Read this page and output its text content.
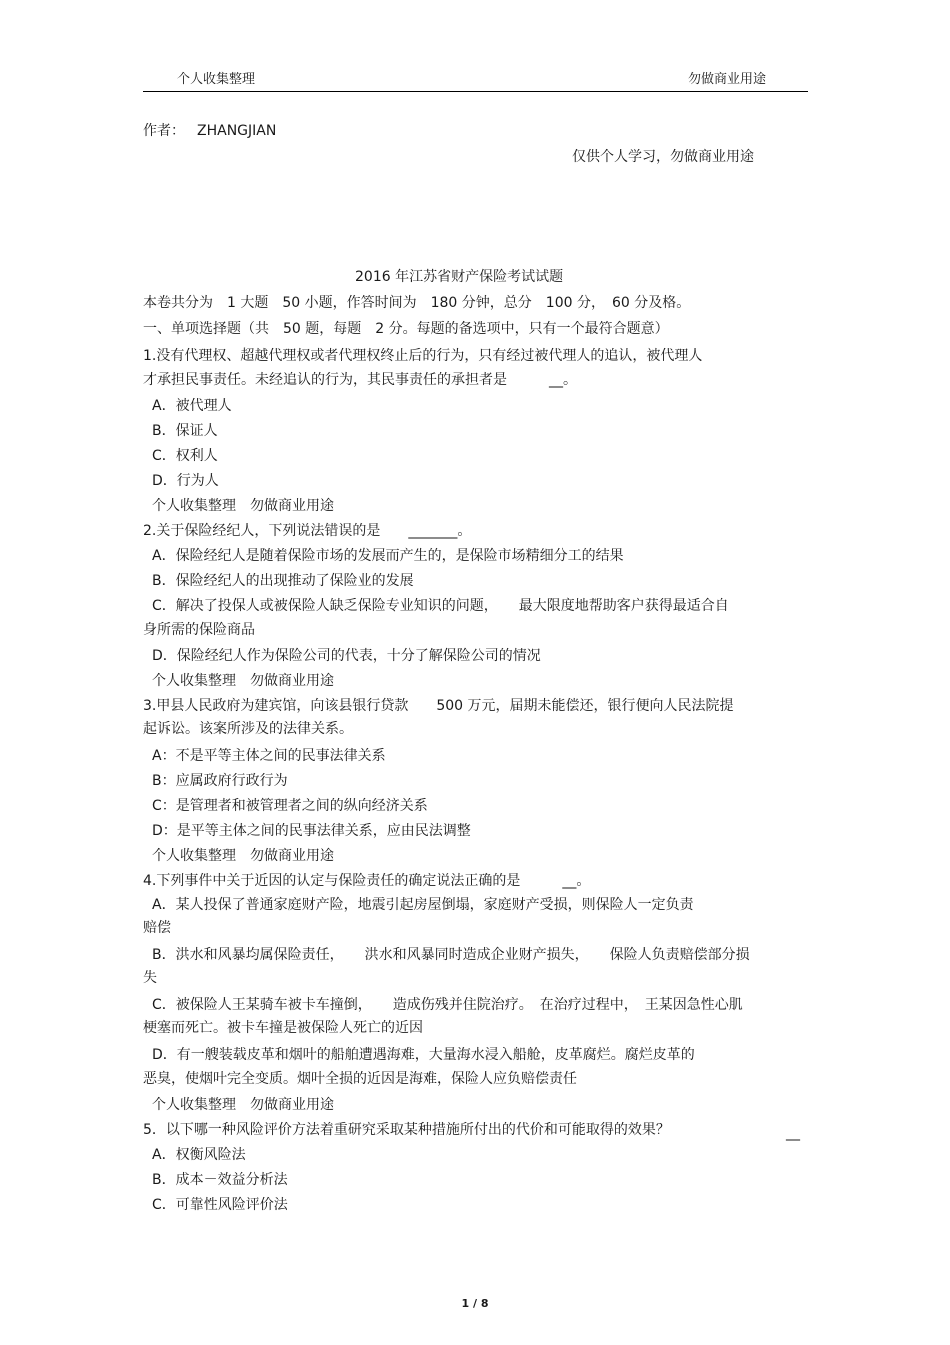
个人收集整理	勿做商业用途
作者： ZHANGJIAN
仅供个人学习，勿做商业用途
2016 年江苏省财产保险考试试题
本卷共分为　1 大题　50 小题，作答时间为　180 分钟，总分　100 分，　60 分及格。
一、单项选择题（共　50 题，每题　2 分。每题的备选项中，只有一个最符合题意）
1.没有代理权、超越代理权或者代理权终止后的行为，只有经过被代理人的追认，被代理人
才承担民事责任。未经追认的行为，其民事责任的承担者是　　　__。
A．被代理人
B．保证人
C．权利人
D．行为人
个人收集整理　勿做商业用途
2.关于保险经纪人，下列说法错误的是　　_______。
A．保险经纪人是随着保险市场的发展而产生的，是保险市场精细分工的结果
B．保险经纪人的出现推动了保险业的发展
C．解决了投保人或被保险人缺乏保险专业知识的问题，　　最大限度地帮助客户获得最适合自
身所需的保险商品
D．保险经纪人作为保险公司的代表，十分了解保险公司的情况
个人收集整理　勿做商业用途
3.甲县人民政府为建宾馆，向该县银行贷款　　500 万元，届期未能偿还，银行便向人民法院提
起诉讼。该案所涉及的法律关系。
A：不是平等主体之间的民事法律关系
B：应属政府行政行为
C：是管理者和被管理者之间的纵向经济关系
D：是平等主体之间的民事法律关系，应由民法调整
个人收集整理　勿做商业用途
4.下列事件中关于近因的认定与保险责任的确定说法正确的是　　　__。
A．某人投保了普通家庭财产险，地震引起房屋倒塌，家庭财产受损，则保险人一定负责
赔偿
B．洪水和风暴均属保险责任，　　洪水和风暴同时造成企业财产损失，　　保险人负责赔偿部分损
失
C．被保险人王某骑车被卡车撞倒，　　造成伤残并住院治疗。　在治疗过程中，　王某因急性心肌
梗塞而死亡。被卡车撞是被保险人死亡的近因
D．有一艘装载皮革和烟叶的船舶遭遇海难，大量海水浸入船舱，皮革腐烂。腐烂皮革的
恶臭，使烟叶完全变质。烟叶全损的近因是海难，保险人应负赔偿责任
个人收集整理　勿做商业用途
5．以下哪一种风险评价方法着重研究采取某种措施所付出的代价和可能取得的效果？	__
A．权衡风险法
B．成本－效益分析法
C．可靠性风险评价法
1 / 8
